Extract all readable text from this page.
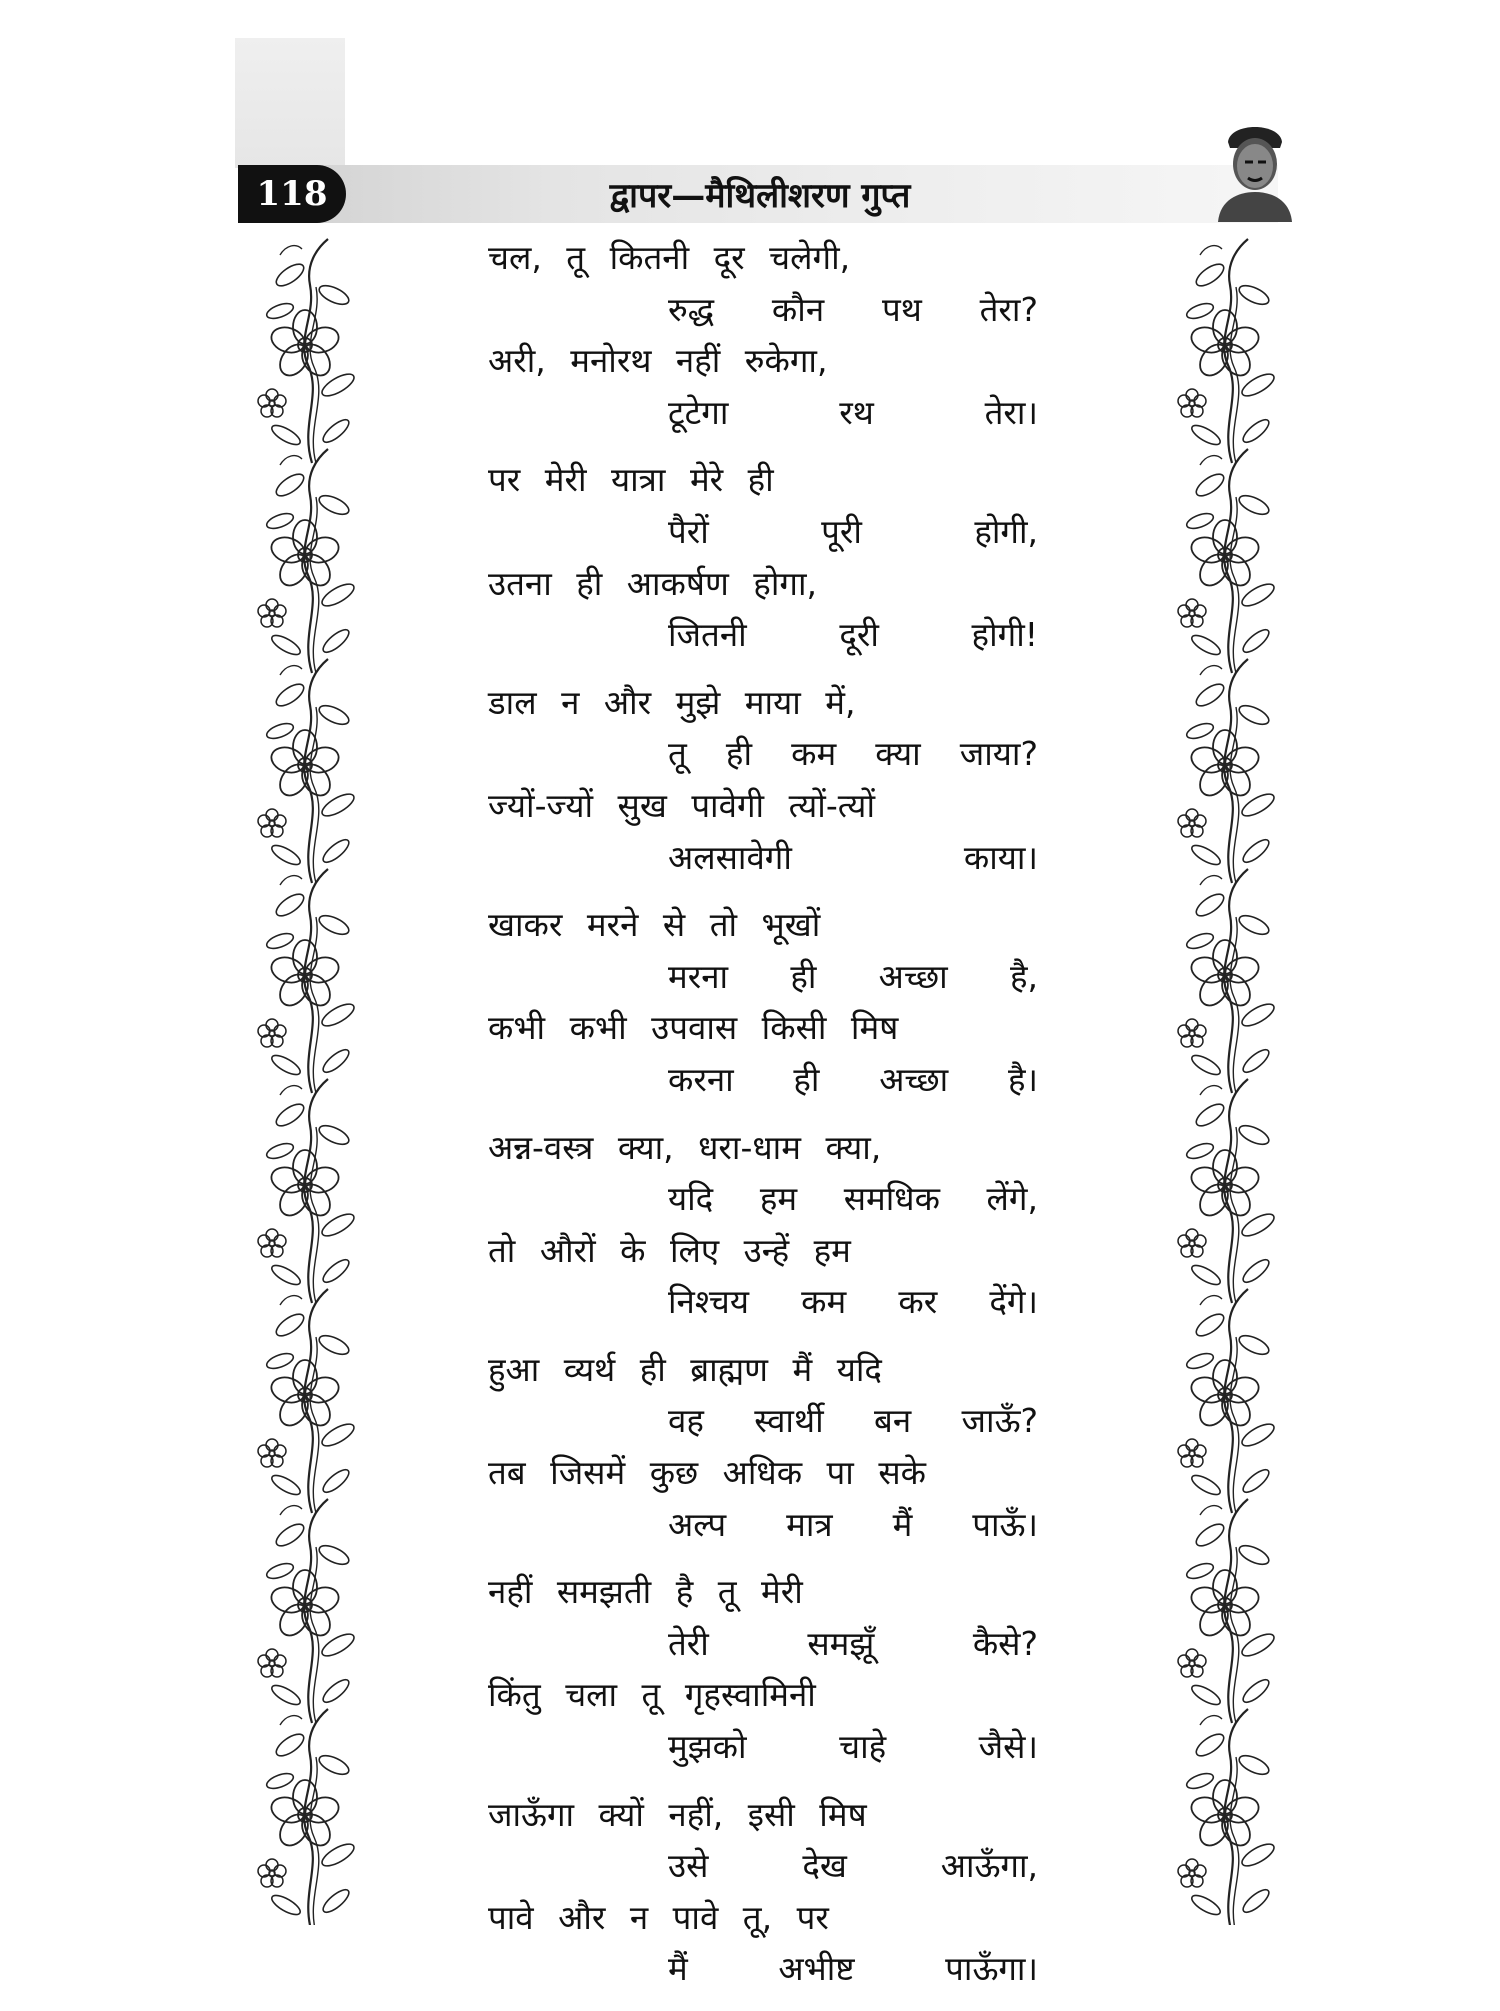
118	द्वापर—मैथिलीशरण गुप्त
चल, तू कितनी दूर चलेगी,
रुद्ध कौन पथ तेरा?
अरी, मनोरथ नहीं रुकेगा,
टूटेगा	रथ	तेरा।
पर मेरी यात्रा मेरे ही
पैरों	पूरी	होगी,
उतना ही आकर्षण होगा,
जितनी	दूरी	होगी!
डाल न और मुझे माया में,
तू ही कम क्या जाया?
ज्यों-ज्यों सुख पावेगी त्यों-त्यों
अलसावेगी	काया।
खाकर मरने से तो भूखों
मरना ही अच्छा है,
कभी कभी उपवास किसी मिष
करना ही अच्छा है।
अन्न-वस्त्र क्या, धरा-धाम क्या,
यदि हम समधिक लेंगे,
तो औरों के लिए उन्हें हम
निश्चय कम कर देंगे।
हुआ व्यर्थ ही ब्राह्मण मैं यदि
वह स्वार्थी बन जाऊँ?
तब जिसमें कुछ अधिक पा सके
अल्प मात्र मैं पाऊँ।
नहीं समझती है तू मेरी
तेरी	समझूँ	कैसे?
किंतु चला तू गृहस्वामिनी
मुझको	चाहे	जैसे।
जाऊँगा क्यों नहीं, इसी मिष
उसे	देख	आऊँगा,
पावे और न पावे तू, पर
मैं	अभीष्ट	पाऊँगा।
